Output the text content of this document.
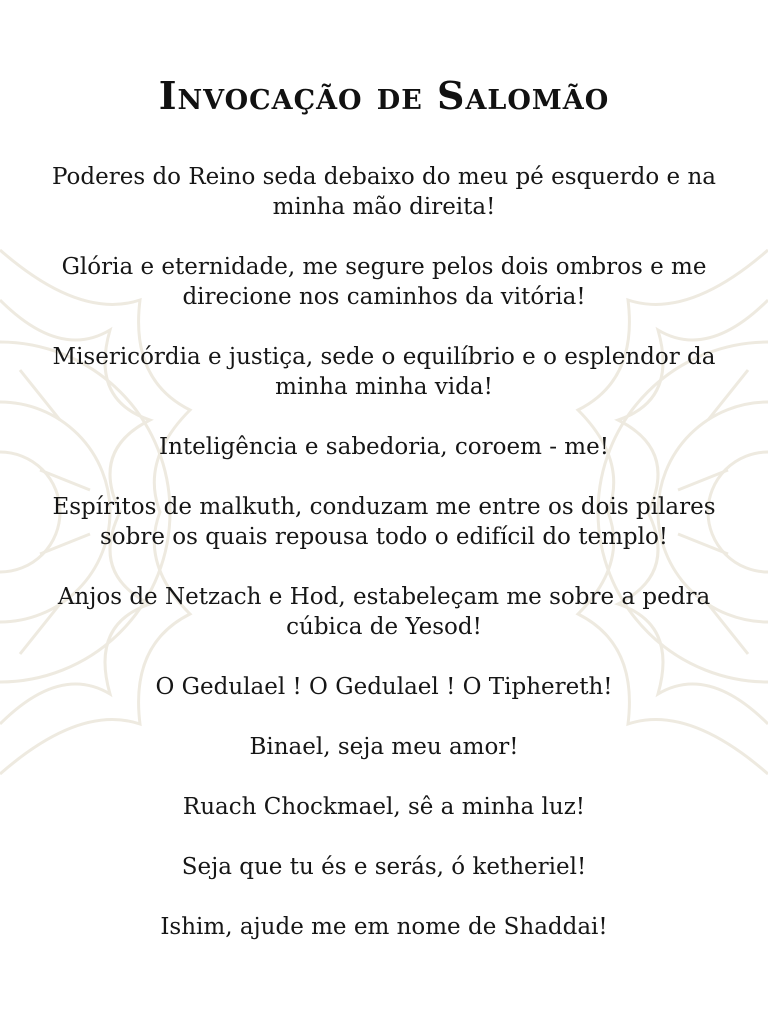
Invocação de Salomão
Poderes do Reino seda debaixo do meu pé esquerdo e na minha mão direita!
Glória e eternidade, me segure pelos dois ombros e me direcione nos caminhos da vitória!
Misericórdia e justiça, sede o equilíbrio e o esplendor da minha minha vida!
Inteligência e sabedoria, coroem - me!
Espíritos de malkuth, conduzam me entre os dois pilares sobre os quais repousa todo o edifícil do templo!
Anjos de Netzach e Hod, estabeleçam me sobre a pedra cúbica de Yesod!
O Gedulael ! O Gedulael ! O Tiphereth!
Binael, seja meu amor!
Ruach Chockmael, sê a minha luz!
Seja que tu és e serás, ó ketheriel!
Ishim, ajude me em nome de Shaddai!
